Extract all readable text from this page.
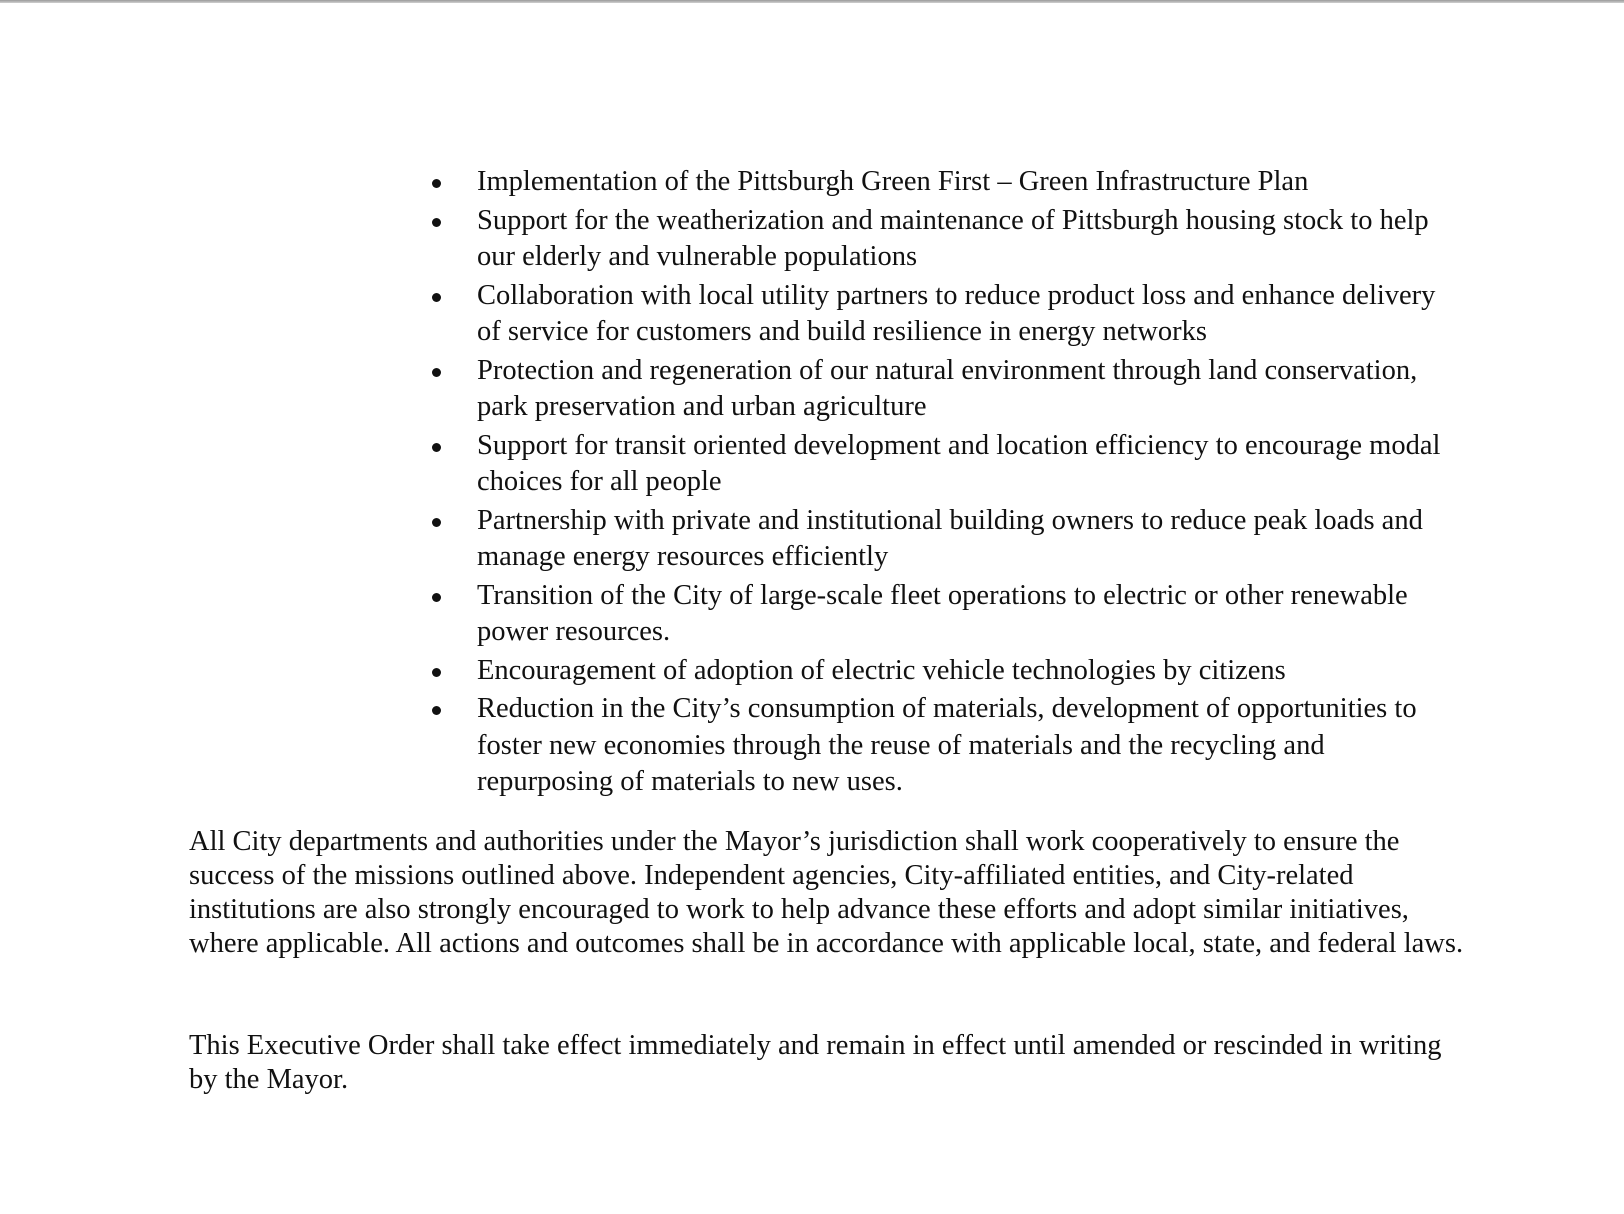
Implementation of the Pittsburgh Green First – Green Infrastructure Plan
Support for the weatherization and maintenance of Pittsburgh housing stock to help our elderly and vulnerable populations
Collaboration with local utility partners to reduce product loss and enhance delivery of service for customers and build resilience in energy networks
Protection and regeneration of our natural environment through land conservation, park preservation and urban agriculture
Support for transit oriented development and location efficiency to encourage modal choices for all people
Partnership with private and institutional building owners to reduce peak loads and manage energy resources efficiently
Transition of the City of large-scale fleet operations to electric or other renewable power resources.
Encouragement of adoption of electric vehicle technologies by citizens
Reduction in the City’s consumption of materials, development of opportunities to foster new economies through the reuse of materials and the recycling and repurposing of materials to new uses.

All City departments and authorities under the Mayor’s jurisdiction shall work cooperatively to ensure the success of the missions outlined above. Independent agencies, City-affiliated entities, and City-related institutions are also strongly encouraged to work to help advance these efforts and adopt similar initiatives, where applicable. All actions and outcomes shall be in accordance with applicable local, state, and federal laws.

This Executive Order shall take effect immediately and remain in effect until amended or rescinded in writing by the Mayor.
